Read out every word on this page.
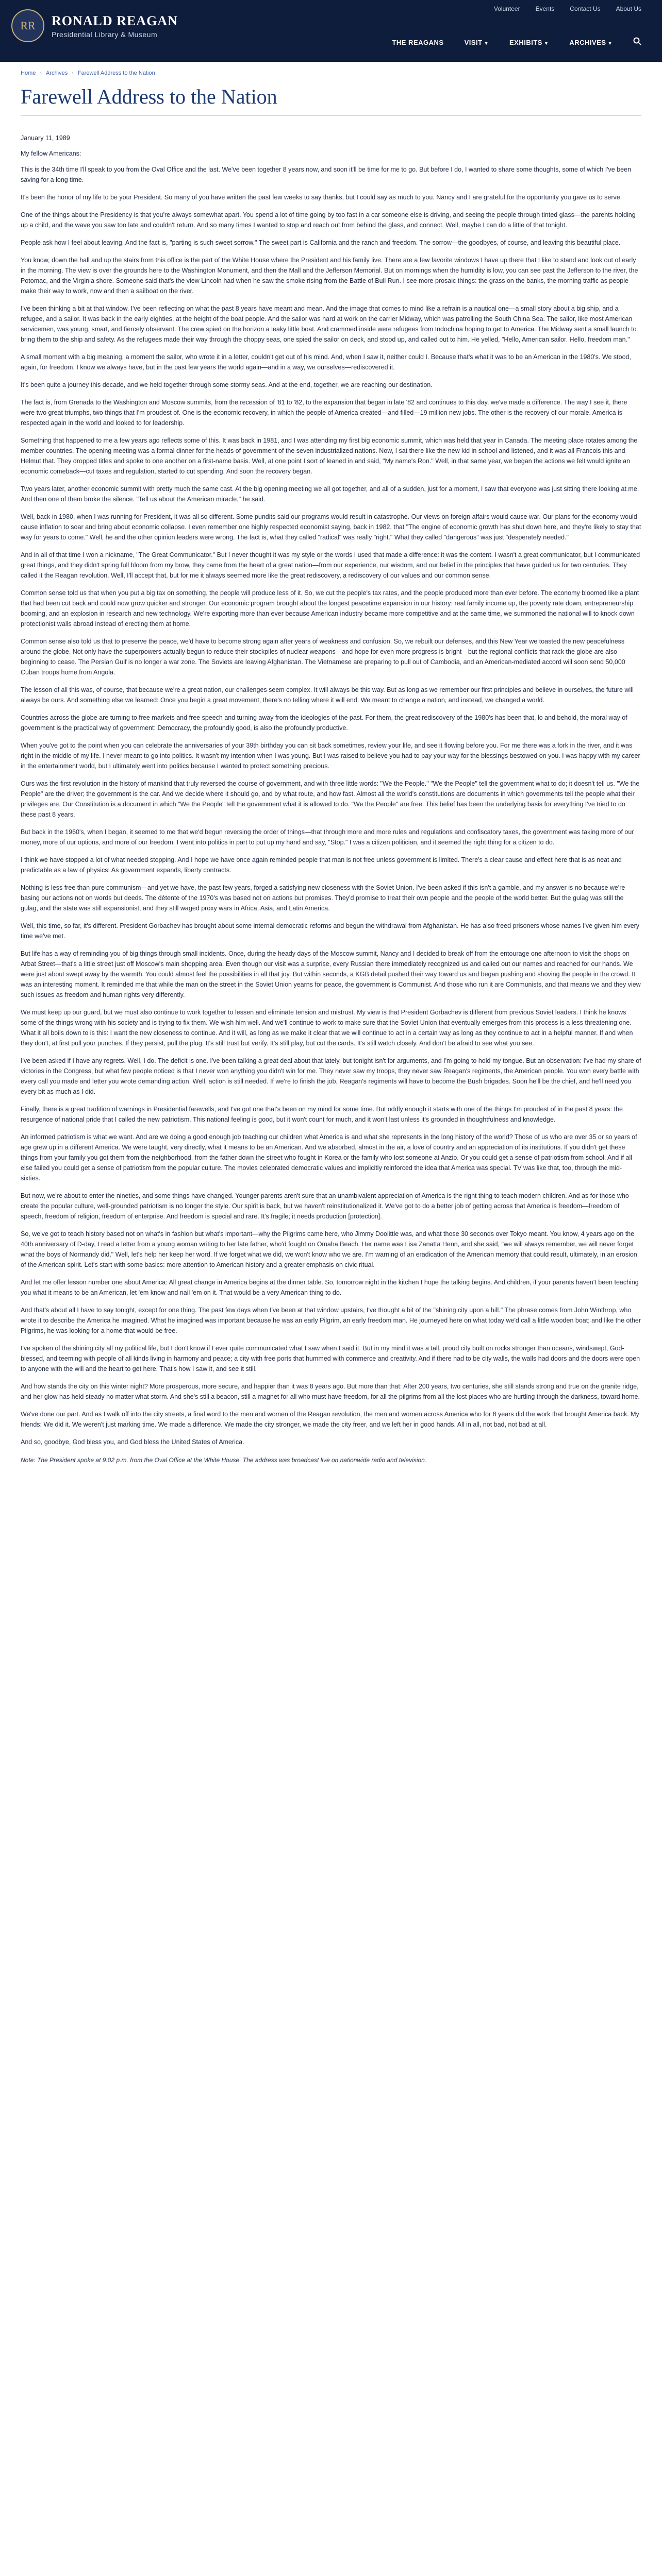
Volunteer	Events	Contact Us	About Us
RR	RONALD REAGAN
Presidential Library & Museum
THE REAGANS	VISIT ▼	EXHIBITS ▼	ARCHIVES ▼
Home › Archives › Farewell Address to the Nation
Farewell Address to the Nation

January 11, 1989

My fellow Americans:

This is the 34th time I'll speak to you from the Oval Office and the last. We've been together 8 years now, and soon it'll be time for me to go. But before I do, I wanted to share some thoughts, some of which I've been saving for a long time.

It's been the honor of my life to be your President. So many of you have written the past few weeks to say thanks, but I could say as much to you. Nancy and I are grateful for the opportunity you gave us to serve.

One of the things about the Presidency is that you're always somewhat apart. You spend a lot of time going by too fast in a car someone else is driving, and seeing the people through tinted glass—the parents holding up a child, and the wave you saw too late and couldn't return. And so many times I wanted to stop and reach out from behind the glass, and connect. Well, maybe I can do a little of that tonight.

People ask how I feel about leaving. And the fact is, "parting is such sweet sorrow." The sweet part is California and the ranch and freedom. The sorrow—the goodbyes, of course, and leaving this beautiful place.

You know, down the hall and up the stairs from this office is the part of the White House where the President and his family live. There are a few favorite windows I have up there that I like to stand and look out of early in the morning. The view is over the grounds here to the Washington Monument, and then the Mall and the Jefferson Memorial. But on mornings when the humidity is low, you can see past the Jefferson to the river, the Potomac, and the Virginia shore. Someone said that's the view Lincoln had when he saw the smoke rising from the Battle of Bull Run. I see more prosaic things: the grass on the banks, the morning traffic as people make their way to work, now and then a sailboat on the river.

I've been thinking a bit at that window. I've been reflecting on what the past 8 years have meant and mean. And the image that comes to mind like a refrain is a nautical one—a small story about a big ship, and a refugee, and a sailor. It was back in the early eighties, at the height of the boat people. And the sailor was hard at work on the carrier Midway, which was patrolling the South China Sea. The sailor, like most American servicemen, was young, smart, and fiercely observant. The crew spied on the horizon a leaky little boat. And crammed inside were refugees from Indochina hoping to get to America. The Midway sent a small launch to bring them to the ship and safety. As the refugees made their way through the choppy seas, one spied the sailor on deck, and stood up, and called out to him. He yelled, "Hello, American sailor. Hello, freedom man."

A small moment with a big meaning, a moment the sailor, who wrote it in a letter, couldn't get out of his mind. And, when I saw it, neither could I. Because that's what it was to be an American in the 1980's. We stood, again, for freedom. I know we always have, but in the past few years the world again—and in a way, we ourselves—rediscovered it.

It's been quite a journey this decade, and we held together through some stormy seas. And at the end, together, we are reaching our destination.

The fact is, from Grenada to the Washington and Moscow summits, from the recession of '81 to '82, to the expansion that began in late '82 and continues to this day, we've made a difference. The way I see it, there were two great triumphs, two things that I'm proudest of. One is the economic recovery, in which the people of America created—and filled—19 million new jobs. The other is the recovery of our morale. America is respected again in the world and looked to for leadership.

Something that happened to me a few years ago reflects some of this. It was back in 1981, and I was attending my first big economic summit, which was held that year in Canada. The meeting place rotates among the member countries. The opening meeting was a formal dinner for the heads of government of the seven industrialized nations. Now, I sat there like the new kid in school and listened, and it was all Francois this and Helmut that. They dropped titles and spoke to one another on a first-name basis. Well, at one point I sort of leaned in and said, "My name's Ron." Well, in that same year, we began the actions we felt would ignite an economic comeback—cut taxes and regulation, started to cut spending. And soon the recovery began.

Two years later, another economic summit with pretty much the same cast. At the big opening meeting we all got together, and all of a sudden, just for a moment, I saw that everyone was just sitting there looking at me. And then one of them broke the silence. "Tell us about the American miracle," he said.

Well, back in 1980, when I was running for President, it was all so different. Some pundits said our programs would result in catastrophe. Our views on foreign affairs would cause war. Our plans for the economy would cause inflation to soar and bring about economic collapse. I even remember one highly respected economist saying, back in 1982, that "The engine of economic growth has shut down here, and they're likely to stay that way for years to come." Well, he and the other opinion leaders were wrong. The fact is, what they called "radical" was really "right." What they called "dangerous" was just "desperately needed."

And in all of that time I won a nickname, "The Great Communicator." But I never thought it was my style or the words I used that made a difference: it was the content. I wasn't a great communicator, but I communicated great things, and they didn't spring full bloom from my brow, they came from the heart of a great nation—from our experience, our wisdom, and our belief in the principles that have guided us for two centuries. They called it the Reagan revolution. Well, I'll accept that, but for me it always seemed more like the great rediscovery, a rediscovery of our values and our common sense.

Common sense told us that when you put a big tax on something, the people will produce less of it. So, we cut the people's tax rates, and the people produced more than ever before. The economy bloomed like a plant that had been cut back and could now grow quicker and stronger. Our economic program brought about the longest peacetime expansion in our history: real family income up, the poverty rate down, entrepreneurship booming, and an explosion in research and new technology. We're exporting more than ever because American industry became more competitive and at the same time, we summoned the national will to knock down protectionist walls abroad instead of erecting them at home.

Common sense also told us that to preserve the peace, we'd have to become strong again after years of weakness and confusion. So, we rebuilt our defenses, and this New Year we toasted the new peacefulness around the globe. Not only have the superpowers actually begun to reduce their stockpiles of nuclear weapons—and hope for even more progress is bright—but the regional conflicts that rack the globe are also beginning to cease. The Persian Gulf is no longer a war zone. The Soviets are leaving Afghanistan. The Vietnamese are preparing to pull out of Cambodia, and an American-mediated accord will soon send 50,000 Cuban troops home from Angola.

The lesson of all this was, of course, that because we're a great nation, our challenges seem complex. It will always be this way. But as long as we remember our first principles and believe in ourselves, the future will always be ours. And something else we learned: Once you begin a great movement, there's no telling where it will end. We meant to change a nation, and instead, we changed a world.

Countries across the globe are turning to free markets and free speech and turning away from the ideologies of the past. For them, the great rediscovery of the 1980's has been that, lo and behold, the moral way of government is the practical way of government: Democracy, the profoundly good, is also the profoundly productive.

When you've got to the point when you can celebrate the anniversaries of your 39th birthday you can sit back sometimes, review your life, and see it flowing before you. For me there was a fork in the river, and it was right in the middle of my life. I never meant to go into politics. It wasn't my intention when I was young. But I was raised to believe you had to pay your way for the blessings bestowed on you. I was happy with my career in the entertainment world, but I ultimately went into politics because I wanted to protect something precious.

Ours was the first revolution in the history of mankind that truly reversed the course of government, and with three little words: "We the People." "We the People" tell the government what to do; it doesn't tell us. "We the People" are the driver; the government is the car. And we decide where it should go, and by what route, and how fast. Almost all the world's constitutions are documents in which governments tell the people what their privileges are. Our Constitution is a document in which "We the People" tell the government what it is allowed to do. "We the People" are free. This belief has been the underlying basis for everything I've tried to do these past 8 years.

But back in the 1960's, when I began, it seemed to me that we'd begun reversing the order of things—that through more and more rules and regulations and confiscatory taxes, the government was taking more of our money, more of our options, and more of our freedom. I went into politics in part to put up my hand and say, "Stop." I was a citizen politician, and it seemed the right thing for a citizen to do.

I think we have stopped a lot of what needed stopping. And I hope we have once again reminded people that man is not free unless government is limited. There's a clear cause and effect here that is as neat and predictable as a law of physics: As government expands, liberty contracts.

Nothing is less free than pure communism—and yet we have, the past few years, forged a satisfying new closeness with the Soviet Union. I've been asked if this isn't a gamble, and my answer is no because we're basing our actions not on words but deeds. The détente of the 1970's was based not on actions but promises. They'd promise to treat their own people and the people of the world better. But the gulag was still the gulag, and the state was still expansionist, and they still waged proxy wars in Africa, Asia, and Latin America.

Well, this time, so far, it's different. President Gorbachev has brought about some internal democratic reforms and begun the withdrawal from Afghanistan. He has also freed prisoners whose names I've given him every time we've met.

But life has a way of reminding you of big things through small incidents. Once, during the heady days of the Moscow summit, Nancy and I decided to break off from the entourage one afternoon to visit the shops on Arbat Street—that's a little street just off Moscow's main shopping area. Even though our visit was a surprise, every Russian there immediately recognized us and called out our names and reached for our hands. We were just about swept away by the warmth. You could almost feel the possibilities in all that joy. But within seconds, a KGB detail pushed their way toward us and began pushing and shoving the people in the crowd. It was an interesting moment. It reminded me that while the man on the street in the Soviet Union yearns for peace, the government is Communist. And those who run it are Communists, and that means we and they view such issues as freedom and human rights very differently.

We must keep up our guard, but we must also continue to work together to lessen and eliminate tension and mistrust. My view is that President Gorbachev is different from previous Soviet leaders. I think he knows some of the things wrong with his society and is trying to fix them. We wish him well. And we'll continue to work to make sure that the Soviet Union that eventually emerges from this process is a less threatening one. What it all boils down to is this: I want the new closeness to continue. And it will, as long as we make it clear that we will continue to act in a certain way as long as they continue to act in a helpful manner. If and when they don't, at first pull your punches. If they persist, pull the plug. It's still trust but verify. It's still play, but cut the cards. It's still watch closely. And don't be afraid to see what you see.

I've been asked if I have any regrets. Well, I do. The deficit is one. I've been talking a great deal about that lately, but tonight isn't for arguments, and I'm going to hold my tongue. But an observation: I've had my share of victories in the Congress, but what few people noticed is that I never won anything you didn't win for me. They never saw my troops, they never saw Reagan's regiments, the American people. You won every battle with every call you made and letter you wrote demanding action. Well, action is still needed. If we're to finish the job, Reagan's regiments will have to become the Bush brigades. Soon he'll be the chief, and he'll need you every bit as much as I did.

Finally, there is a great tradition of warnings in Presidential farewells, and I've got one that's been on my mind for some time. But oddly enough it starts with one of the things I'm proudest of in the past 8 years: the resurgence of national pride that I called the new patriotism. This national feeling is good, but it won't count for much, and it won't last unless it's grounded in thoughtfulness and knowledge.

An informed patriotism is what we want. And are we doing a good enough job teaching our children what America is and what she represents in the long history of the world? Those of us who are over 35 or so years of age grew up in a different America. We were taught, very directly, what it means to be an American. And we absorbed, almost in the air, a love of country and an appreciation of its institutions. If you didn't get these things from your family you got them from the neighborhood, from the father down the street who fought in Korea or the family who lost someone at Anzio. Or you could get a sense of patriotism from school. And if all else failed you could get a sense of patriotism from the popular culture. The movies celebrated democratic values and implicitly reinforced the idea that America was special. TV was like that, too, through the mid-sixties.

But now, we're about to enter the nineties, and some things have changed. Younger parents aren't sure that an unambivalent appreciation of America is the right thing to teach modern children. And as for those who create the popular culture, well-grounded patriotism is no longer the style. Our spirit is back, but we haven't reinstitutionalized it. We've got to do a better job of getting across that America is freedom—freedom of speech, freedom of religion, freedom of enterprise. And freedom is special and rare. It's fragile; it needs production [protection].

So, we've got to teach history based not on what's in fashion but what's important—why the Pilgrims came here, who Jimmy Doolittle was, and what those 30 seconds over Tokyo meant. You know, 4 years ago on the 40th anniversary of D-day, I read a letter from a young woman writing to her late father, who'd fought on Omaha Beach. Her name was Lisa Zanatta Henn, and she said, "we will always remember, we will never forget what the boys of Normandy did." Well, let's help her keep her word. If we forget what we did, we won't know who we are. I'm warning of an eradication of the American memory that could result, ultimately, in an erosion of the American spirit. Let's start with some basics: more attention to American history and a greater emphasis on civic ritual.

And let me offer lesson number one about America: All great change in America begins at the dinner table. So, tomorrow night in the kitchen I hope the talking begins. And children, if your parents haven't been teaching you what it means to be an American, let 'em know and nail 'em on it. That would be a very American thing to do.

And that's about all I have to say tonight, except for one thing. The past few days when I've been at that window upstairs, I've thought a bit of the "shining city upon a hill." The phrase comes from John Winthrop, who wrote it to describe the America he imagined. What he imagined was important because he was an early Pilgrim, an early freedom man. He journeyed here on what today we'd call a little wooden boat; and like the other Pilgrims, he was looking for a home that would be free.

I've spoken of the shining city all my political life, but I don't know if I ever quite communicated what I saw when I said it. But in my mind it was a tall, proud city built on rocks stronger than oceans, windswept, God-blessed, and teeming with people of all kinds living in harmony and peace; a city with free ports that hummed with commerce and creativity. And if there had to be city walls, the walls had doors and the doors were open to anyone with the will and the heart to get here. That's how I saw it, and see it still.

And how stands the city on this winter night? More prosperous, more secure, and happier than it was 8 years ago. But more than that: After 200 years, two centuries, she still stands strong and true on the granite ridge, and her glow has held steady no matter what storm. And she's still a beacon, still a magnet for all who must have freedom, for all the pilgrims from all the lost places who are hurtling through the darkness, toward home.

We've done our part. And as I walk off into the city streets, a final word to the men and women of the Reagan revolution, the men and women across America who for 8 years did the work that brought America back. My friends: We did it. We weren't just marking time. We made a difference. We made the city stronger, we made the city freer, and we left her in good hands. All in all, not bad, not bad at all.

And so, goodbye, God bless you, and God bless the United States of America.

Note: The President spoke at 9:02 p.m. from the Oval Office at the White House. The address was broadcast live on nationwide radio and television.
